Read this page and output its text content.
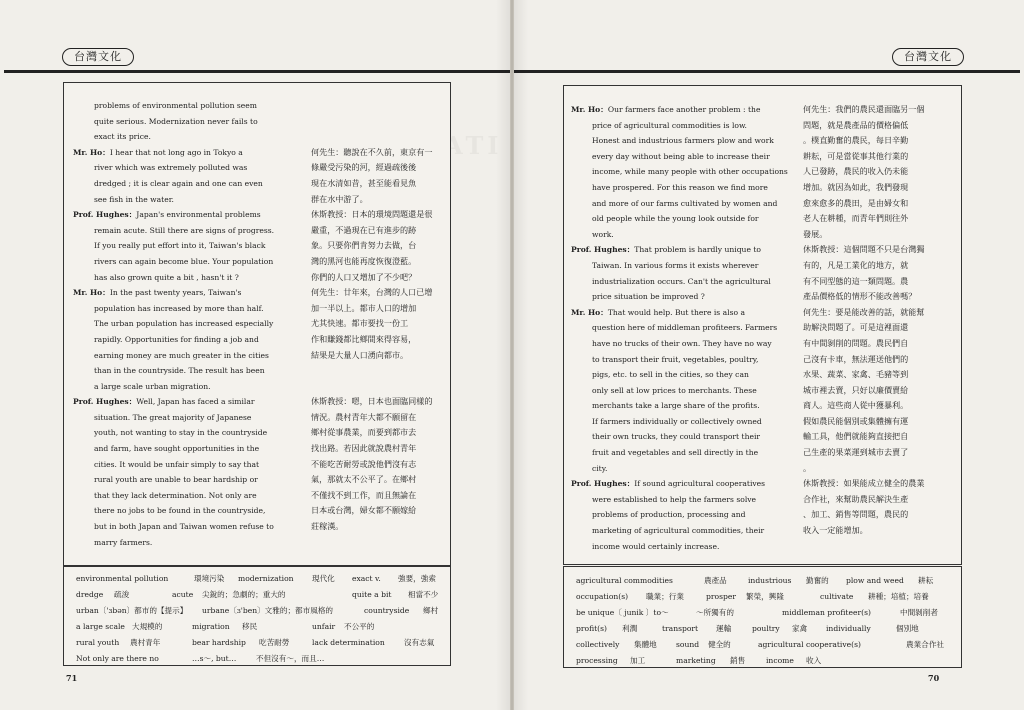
台灣文化

problems of environmental pollution seem
quite serious. Modernization never fails to
exact its price.
Mr. Ho：I hear that not long ago in Tokyo a
river which was extremely polluted was
dredged ; it is clear again and one can even
see fish in the water.
何先生：聽說在不久前，東京有一
條嚴受污染的河，經過疏後後
現在水清如昔，甚至能看見魚
群在水中游了。
Prof. Hughes：Japan's environmental problems
remain acute. Still there are signs of progress.
If you really put effort into it, Taiwan's black
rivers can again become blue. Your population
has also grown quite a bit , hasn't it ?
休斯教授：日本的環境問題還是很
嚴重，不過現在已有進步的跡
象。只要你們肯努力去做，台
灣的黑河也能再度恢復澄藍。
你們的人口又增加了不少吧？
Mr. Ho：In the past twenty years, Taiwan's
population has increased by more than half.
The urban population has increased especially
rapidly. Opportunities for finding a job and
earning money are much greater in the cities
than in the countryside. The result has been
a large scale urban migration.
何先生：廿年來，台灣的人口已增
加一半以上。都市人口的增加
尤其快速。都市要找一份工
作和賺錢都比鄉間來得容易，
結果是大量人口湧向都市。
Prof. Hughes：Well, Japan has faced a similar
situation. The great majority of Japanese
youth, not wanting to stay in the countryside
and farm, have sought opportunities in the
cities. It would be unfair simply to say that
rural youth are unable to bear hardship or
that they lack determination. Not only are
there no jobs to be found in the countryside,
but in both Japan and Taiwan women refuse to
marry farmers.
休斯教授：嗯，日本也面臨同樣的
情況。農村青年大都不願留在
鄉村從事農業，而要到都市去
找出路。若因此就說農村青年
不能吃苦耐勞或說他們沒有志
氣，那就太不公平了。在鄉村
不僅找不到工作，而且無論在
日本或台灣，婦女都不願嫁給
莊稼漢。
environmental pollution	環境污染 modernization 現代化 exact v. 強要，強索
dredge 疏浚	acute 尖銳的；急劇的；重大的	quite a bit 相當不少
urban〔'ɜbən〕都市的【提示】 urbane〔ɜ'ben〕文雅的；都市風格的	countryside 鄉村
a large scale 大規模的	migration 移民	unfair 不公平的
rural youth 農村青年	bear hardship 吃苦耐勞	lack determination	沒有志氣
Not only are there no	…s～, but…	不但沒有～，而且…
71
台灣文化
Mr. Ho：Our farmers face another problem : the
price of agricultural commodities is low.
Honest and industrious farmers plow and work
every day without being able to increase their
income, while many people with other occupations
have prospered. For this reason we find more
and more of our farms cultivated by women and
old people while the young look outside for
work.
何先生：我們的農民還面臨另一個
問題，就是農產品的價格偏低
。樸直勤奮的農民，每日辛勤
耕耘，可是當從事其他行業的
人已發跡，農民的收入仍未能
增加。就因為如此，我們發現
愈來愈多的農田，是由婦女和
老人在耕種，而青年們則往外
發展。
Prof. Hughes：That problem is hardly unique to
Taiwan. In various forms it exists wherever
industrialization occurs. Can't the agricultural
price situation be improved ?
休斯教授：這個問題不只是台灣獨
有的，凡是工業化的地方，就
有不同型態的這一類問題。農
產品價格低的情形不能改善嗎？
Mr. Ho：That would help. But there is also a
question here of middleman profiteers. Farmers
have no trucks of their own. They have no way
to transport their fruit, vegetables, poultry,
pigs, etc. to sell in the cities, so they can
only sell at low prices to merchants. These
merchants take a large share of the profits.
If farmers individually or collectively owned
their own trucks, they could transport their
fruit and vegetables and sell directly in the
city.
何先生：要是能改善的話，就能幫
助解決問題了。可是這裡面還
有中間剝削的問題。農民們自
己沒有卡車，無法運送他們的
水果、蔬菜、家禽、毛豬等到
城市裡去賣，只好以廉價賣給
商人。這些商人從中獲暴利。
假如農民能個別或集體擁有運
輸工具，他們就能夠直接把自
己生產的果菜運到城市去賣了
。
Prof. Hughes：If sound agricultural cooperatives
were established to help the farmers solve
problems of production, processing and
marketing of agricultural commodities, their
income would certainly increase.
休斯教授：如果能成立健全的農業
合作社，來幫助農民解決生產
、加工、銷售等問題，農民的
收入一定能增加。
agricultural commodities	農產品	industrious 勤奮的 plow and weed 耕耘
occupation(s) 職業；行業	prosper 繁榮，興隆	cultivate 耕種；培植；培養
be unique〔 junik 〕to～	～所獨有的	middleman profiteer(s)	中間剝削者
profit(s) 利潤	transport 運輸	poultry 家禽 individually	個別地
collectively 集體地	sound 健全的	agricultural cooperative(s)	農業合作社
processing 加工	marketing 銷售	income 收入
70
